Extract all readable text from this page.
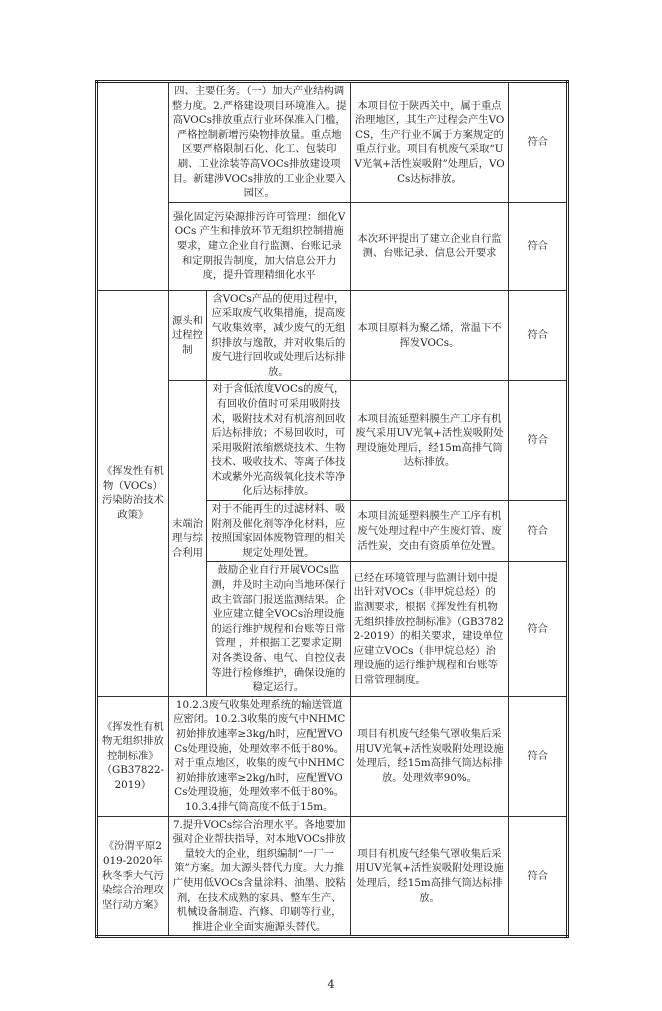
	四、主要任务。（一）加大产业结构调整力度。2.严格建设项目环境准入。提高VOCs排放重点行业环保准入门槛，严格控制新增污染物排放量。重点地区要严格限制石化、化工、包装印刷、工业涂装等高VOCs排放建设项目。新建涉VOCs排放的工业企业要入园区。		本项目位于陕西关中，属于重点治理地区，其生产过程会产生VOCS，生产行业不属于方案规定的重点行业。项目有机废气采取“UV光氧+活性炭吸附”处理后，VOCs达标排放。	符合
	强化固定污染源排污许可管理：细化VOCs 产生和排放环节无组织控制措施要求，建立企业自行监测、台账记录和定期报告制度，加大信息公开力度，提升管理精细化水平		本次环评提出了建立企业自行监测、台账记录、信息公开要求	符合
《挥发性有机物（VOCs）污染防治技术政策》	源头和过程控制	含VOCs产品的使用过程中，应采取废气收集措施，提高废气收集效率，减少废气的无组织排放与逸散，并对收集后的废气进行回收或处理后达标排放。	本项目原料为聚乙烯，常温下不挥发VOCs。	符合
	末端治理与综合利用	对于含低浓度VOCs的废气，有回收价值时可采用吸附技术，吸附技术对有机溶剂回收后达标排放；不易回收时，可采用吸附浓缩燃烧技术、生物技术、吸收技术、等离子体技术或紫外光高级氧化技术等净化后达标排放。	本项目流延塑料膜生产工序有机废气采用UV光氧+活性炭吸附处理设施处理后，经15m高排气筒达标排放。	符合
		对于不能再生的过滤材料、吸附剂及催化剂等净化材料，应按照国家固体废物管理的相关规定处理处置。	本项目流延塑料膜生产工序有机废气处理过程中产生废灯管、废活性炭，交由有资质单位处置。	符合
		鼓励企业自行开展VOCs监测，并及时主动向当地环保行政主管部门报送监测结果。企业应建立健全VOCs治理设施的运行维护规程和台账等日常管理 ，并根据工艺要求定期对各类设备、电气、自控仪表等进行检修维护，确保设施的稳定运行。	已经在环境管理与监测计划中提出针对VOCs（非甲烷总烃）的监测要求，根据《挥发性有机物无组织排放控制标准》（GB37822-2019）的相关要求，建设单位应建立VOCs（非甲烷总烃）治理设施的运行维护规程和台账等日常管理制度。	符合
《挥发性有机物无组织排放控制标准》（GB37822-2019）	10.2.3废气收集处理系统的输送管道应密闭。10.2.3收集的废气中NHMC初始排放速率≥3kg/h时，应配置VOCs处理设施，处理效率不低于80%。对于重点地区，收集的废气中NHMC初始排放速率≥2kg/h时，应配置VOCs处理设施，处理效率不低于80%。10.3.4排气筒高度不低于15m。		项目有机废气经集气罩收集后采用UV光氧+活性炭吸附处理设施处理后，经15m高排气筒达标排放。处理效率90%。	符合
《汾渭平原2019-2020年秋冬季大气污染综合治理攻坚行动方案》	7.提升VOCs综合治理水平。各地要加强对企业帮扶指导，对本地VOCs排放量较大的企业，组织编制“一厂一策”方案。加大源头替代力度。大力推广使用低VOCs含量涂料、油墨、胶粘剂，在技术成熟的家具、整车生产、机械设备制造、汽修、印刷等行业，推进企业全面实施源头替代。		项目有机废气经集气罩收集后采用UV光氧+活性炭吸附处理设施处理后，经15m高排气筒达标排放。	符合
4
